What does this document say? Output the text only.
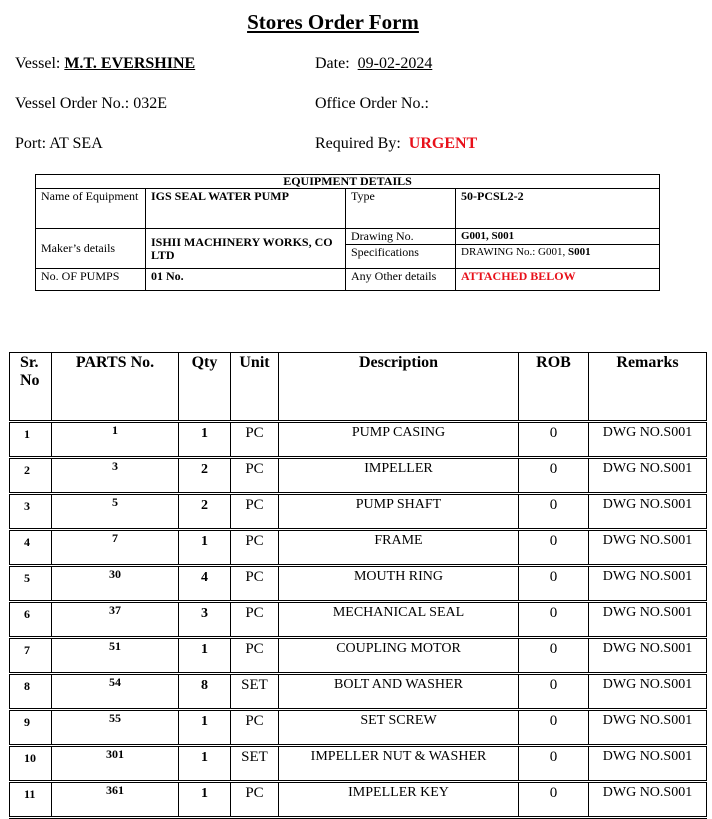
Stores Order Form
Vessel: M.T. EVERSHINE	Date: 09-02-2024
Vessel Order No.: 032E	Office Order No.:
Port: AT SEA	Required By: URGENT
EQUIPMENT DETAILS			
Name of Equipment	IGS SEAL WATER PUMP	Type	50-PCSL2-2
Maker’s details	ISHII MACHINERY WORKS, CO LTD	Drawing No.	G001, S001
		Specifications	DRAWING No.: G001, S001
No. OF PUMPS	01 No.	Any Other details	ATTACHED BELOW
Sr. No	PARTS No.	Qty	Unit	Description	ROB	Remarks
1	1	1	PC	PUMP CASING	0	DWG NO.S001
2	3	2	PC	IMPELLER	0	DWG NO.S001
3	5	2	PC	PUMP SHAFT	0	DWG NO.S001
4	7	1	PC	FRAME	0	DWG NO.S001
5	30	4	PC	MOUTH RING	0	DWG NO.S001
6	37	3	PC	MECHANICAL SEAL	0	DWG NO.S001
7	51	1	PC	COUPLING MOTOR	0	DWG NO.S001
8	54	8	SET	BOLT AND WASHER	0	DWG NO.S001
9	55	1	PC	SET SCREW	0	DWG NO.S001
10	301	1	SET	IMPELLER NUT & WASHER	0	DWG NO.S001
11	361	1	PC	IMPELLER KEY	0	DWG NO.S001
